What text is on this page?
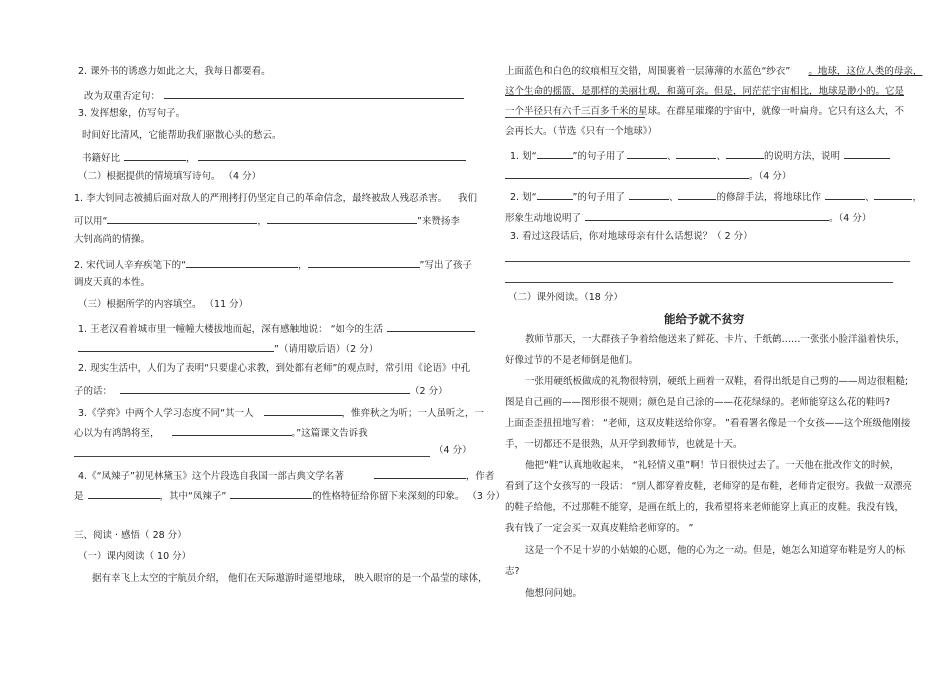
2. 课外书的诱惑力如此之大，我每日都要看。
改为双重否定句：
3. 发挥想象，仿写句子。
时间好比清风，它能帮助我们驱散心头的愁云。
书籍好比	，
（二）根据提供的情境填写诗句。 （4 分）
1. 李大钊同志被捕后面对敌人的严刑拷打仍坚定自己的革命信念，最终被敌人残忍杀害。 我们
可以用“	，	”来赞扬李
大钊高尚的情操。
2. 宋代词人辛弃疾笔下的“	，	”写出了孩子
调皮天真的本性。
（三）根据所学的内容填空。 （11 分）
1. 王老汉看着城市里一幢幢大楼拔地而起，深有感触地说： “如今的生活
”（请用歇后语）（2 分）
2. 现实生活中，人们为了表明“只要虚心求教，到处都有老师”的观点时，常引用《论语》中孔
子的话：	（2 分）
3.《学弈》中两个人学习态度不同“其一人	，惟弈秋之为听；一人虽听之，一
心以为有鸿鹄将至，	。”这篇课文告诉我
（4 分）
4.《“凤辣子”初见林黛玉》这个片段选自我国一部古典文学名著	，作者
是	，其中“凤辣子”	的性格特征给你留下来深刻的印象。 （3 分）
三、阅读 · 感悟（ 28 分）
（一）课内阅读（ 10 分）
据有幸飞上太空的宇航员介绍， 他们在天际遨游时遥望地球， 映入眼帘的是一个晶莹的球体，
上面蓝色和白色的纹痕相互交错，周围裹着一层薄薄的水蓝色“纱衣” 。地球，这位人类的母亲，
这个生命的摇篮，是那样的美丽壮观，和蔼可亲。但是，同茫茫宇宙相比，地球是渺小的。它是
一个半径只有六千三百多千米的星球。在群星璀璨的宇宙中，就像一叶扁舟。它只有这么大，不
会再长大。（节选《只有一个地球》）
1. 划“	”的句子用了	、	、	的说明方法，说明
。（4 分）
2. 划“	”的句子用了	、	的修辞手法，将地球比作	、	，
形象生动地说明了	。（4 分）
3. 看过这段话后，你对地球母亲有什么话想说？（ 2 分）
（二）课外阅读。（18 分）
能给予就不贫穷
教师节那天，一大群孩子争着给他送来了鲜花、卡片、千纸鹤……一张张小脸洋溢着快乐，
好像过节的不是老师倒是他们。
一张用硬纸板做成的礼物很特别，硬纸上画着一双鞋，看得出纸是自己剪的——周边很粗糙;
图是自己画的——图形很不规则；颜色是自己涂的——花花绿绿的。老师能穿这么花的鞋吗?
上面歪歪扭扭地写着： “老师，这双皮鞋送给你穿。 ”看看署名像是一个女孩——这个班级他刚接
手，一切都还不是很熟，从开学到教师节，也就是十天。
他把“鞋”认真地收起来， “礼轻情义重”啊！节日很快过去了。一天他在批改作文的时候，
看到了这个女孩写的一段话： “别人都穿着皮鞋，老师穿的是布鞋，老师肯定很穷。我做一双漂亮
的鞋子给他，不过那鞋不能穿，是画在纸上的，我希望将来老师能穿上真正的皮鞋。我没有钱，
我有钱了一定会买一双真皮鞋给老师穿的。 ”
这是一个不足十岁的小姑娘的心愿，他的心为之一动。但是，她怎么知道穿布鞋是穷人的标
志?
他想问问她。
